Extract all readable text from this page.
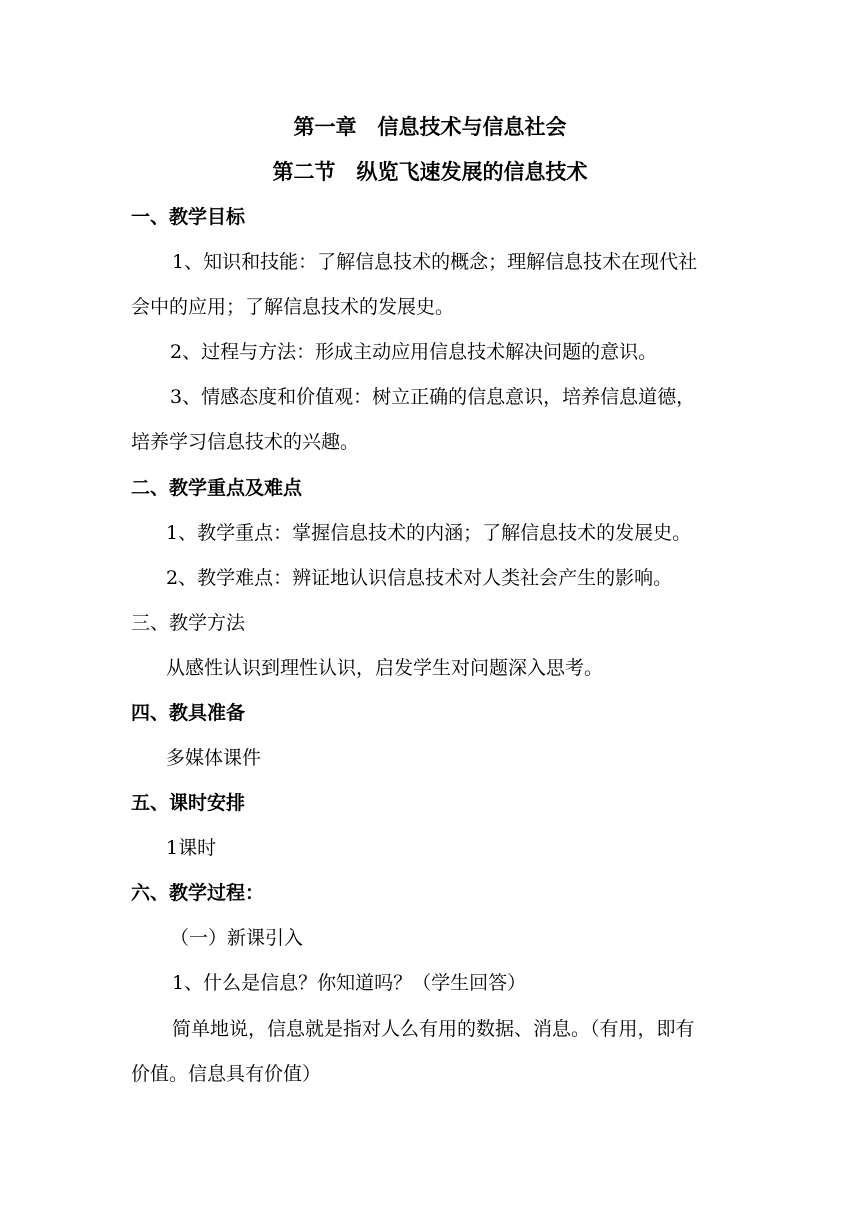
第一章　信息技术与信息社会
第二节　纵览飞速发展的信息技术
一、教学目标
1、知识和技能：了解信息技术的概念；理解信息技术在现代社
会中的应用；了解信息技术的发展史。
2、过程与方法：形成主动应用信息技术解决问题的意识。
3、情感态度和价值观：树立正确的信息意识，培养信息道德，
培养学习信息技术的兴趣。
二、教学重点及难点
1、教学重点：掌握信息技术的内涵；了解信息技术的发展史。
2、教学难点：辨证地认识信息技术对人类社会产生的影响。
三、教学方法
从感性认识到理性认识，启发学生对问题深入思考。
四、教具准备
多媒体课件
五、课时安排
1课时
六、教学过程：
（一）新课引入
1、什么是信息？你知道吗？（学生回答）
简单地说，信息就是指对人么有用的数据、消息。（有用，即有
价值。信息具有价值）
